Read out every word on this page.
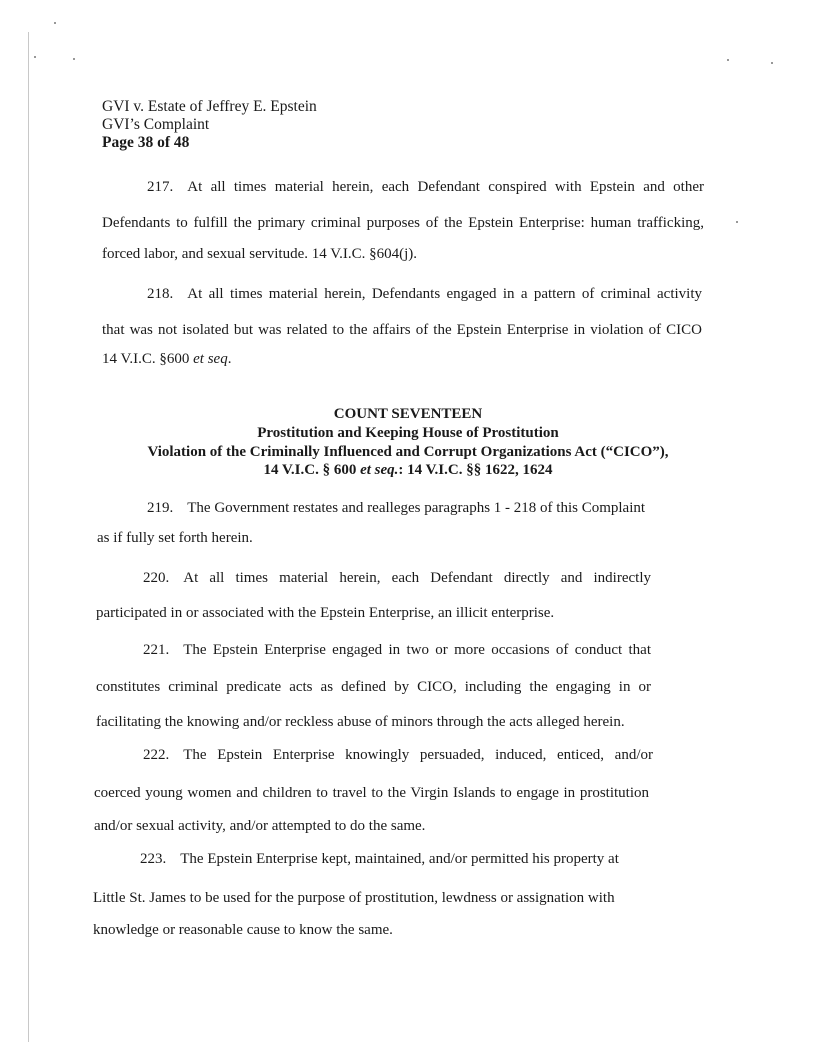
GVI v. Estate of Jeffrey E. Epstein
GVI’s Complaint
Page 38 of 48
217. At all times material herein, each Defendant conspired with Epstein and other
Defendants to fulfill the primary criminal purposes of the Epstein Enterprise: human trafficking,
forced labor, and sexual servitude. 14 V.I.C. §604(j).
218. At all times material herein, Defendants engaged in a pattern of criminal activity
that was not isolated but was related to the affairs of the Epstein Enterprise in violation of CICO
14 V.I.C. §600 et seq.
COUNT SEVENTEEN
Prostitution and Keeping House of Prostitution
Violation of the Criminally Influenced and Corrupt Organizations Act (“CICO”),
14 V.I.C. § 600 et seq.: 14 V.I.C. §§ 1622, 1624
219. The Government restates and realleges paragraphs 1 - 218 of this Complaint
as if fully set forth herein.
220. At all times material herein, each Defendant directly and indirectly
participated in or associated with the Epstein Enterprise, an illicit enterprise.
221. The Epstein Enterprise engaged in two or more occasions of conduct that
constitutes criminal predicate acts as defined by CICO, including the engaging in or
facilitating the knowing and/or reckless abuse of minors through the acts alleged herein.
222. The Epstein Enterprise knowingly persuaded, induced, enticed, and/or
coerced young women and children to travel to the Virgin Islands to engage in prostitution
and/or sexual activity, and/or attempted to do the same.
223. The Epstein Enterprise kept, maintained, and/or permitted his property at
Little St. James to be used for the purpose of prostitution, lewdness or assignation with
knowledge or reasonable cause to know the same.
